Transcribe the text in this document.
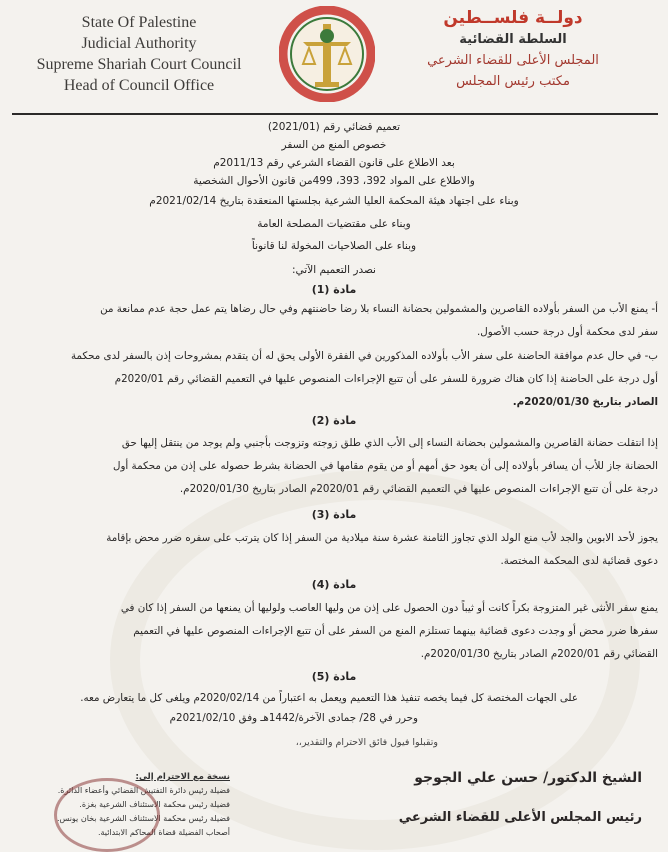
State Of Palestine
Judicial Authority
Supreme Shariah Court Council
Head of Council Office
دولــة فلســطين
السلطة القضائية
المجلس الأعلى للقضاء الشرعي
مكتب رئيس المجلس
تعميم قضائي رقم (2021/01)
خصوص المنع من السفر
بعد الاطلاع على قانون القضاء الشرعي رقم 2011/13م
والاطلاع على المواد 392، 393، 499من قانون الأحوال الشخصية
وبناء على اجتهاد هيئة المحكمة العليا الشرعية بجلستها المنعقدة بتاريخ 2021/02/14م
وبناء على مقتضيات المصلحة العامة
وبناء على الصلاحيات المخولة لنا قانوناً
نصدر التعميم الآتي:
مادة (1)
أ- يمنع الأب من السفر بأولاده القاصرين والمشمولين بحضانة النساء بلا رضا حاضنتهم وفي حال رضاها يتم عمل حجة عدم ممانعة من
سفر لدى محكمة أول درجة حسب الأصول.
ب- في حال عدم موافقة الحاضنة على سفر الأب بأولاده المذكورين في الفقرة الأولى يحق له أن يتقدم بمشروحات إذن بالسفر لدى محكمة
أول درجة على الحاضنة إذا كان هناك ضرورة للسفر على أن تتبع الإجراءات المنصوص عليها في التعميم القضائي رقم 2020/01م
الصادر بتاريخ 2020/01/30م.
مادة (2)
إذا انتقلت حضانة القاصرين والمشمولين بحضانة النساء إلى الأب الذي طلق زوجته وتزوجت بأجنبي ولم يوجد من ينتقل إليها حق
الحضانة جاز للأب أن يسافر بأولاده إلى أن يعود حق أمهم أو من يقوم مقامها في الحضانة بشرط حصوله على إذن من محكمة أول
درجة على أن تتبع الإجراءات المنصوص عليها في التعميم القضائي رقم 2020/01م الصادر بتاريخ 2020/01/30م.
مادة (3)
يجوز لأحد الابوين والجد لأب منع الولد الذي تجاوز الثامنة عشرة سنة ميلادية من السفر إذا كان يترتب على سفره ضرر محض بإقامة
دعوى قضائية لدى المحكمة المختصة.
مادة (4)
يمنع سفر الأنثى غير المتزوجة بكراً كانت أو ثيباً دون الحصول على إذن من وليها العاصب ولوليها أن يمنعها من السفر إذا كان في
سفرها ضرر محض أو وجدت دعوى قضائية بينهما تستلزم المنع من السفر على أن تتبع الإجراءات المنصوص عليها في التعميم
القضائي رقم 2020/01م الصادر بتاريخ 2020/01/30م.
مادة (5)
على الجهات المختصة كل فيما يخصه تنفيذ هذا التعميم ويعمل به اعتباراً من 2020/02/14م ويلغى كل ما يتعارض معه.
وحرر في 28/ جمادى الآخرة/1442هـ وفق 2021/02/10م
وتقبلوا فيول فائق الاحترام والتقدير،،
نسخة مع الاحترام إلى:
فضيلة رئيس دائرة التفتيش القضائي وأعضاء الدائرة.
فضيلة رئيس محكمة الاستئناف الشرعية بغزة.
فضيلة رئيس محكمة الاستئناف الشرعية بخان يونس.
أصحاب الفضيلة قضاة المحاكم الابتدائية.
الشيخ الدكتور/ حسن علي الجوجو
رئيس المجلس الأعلى للقضاء الشرعي
